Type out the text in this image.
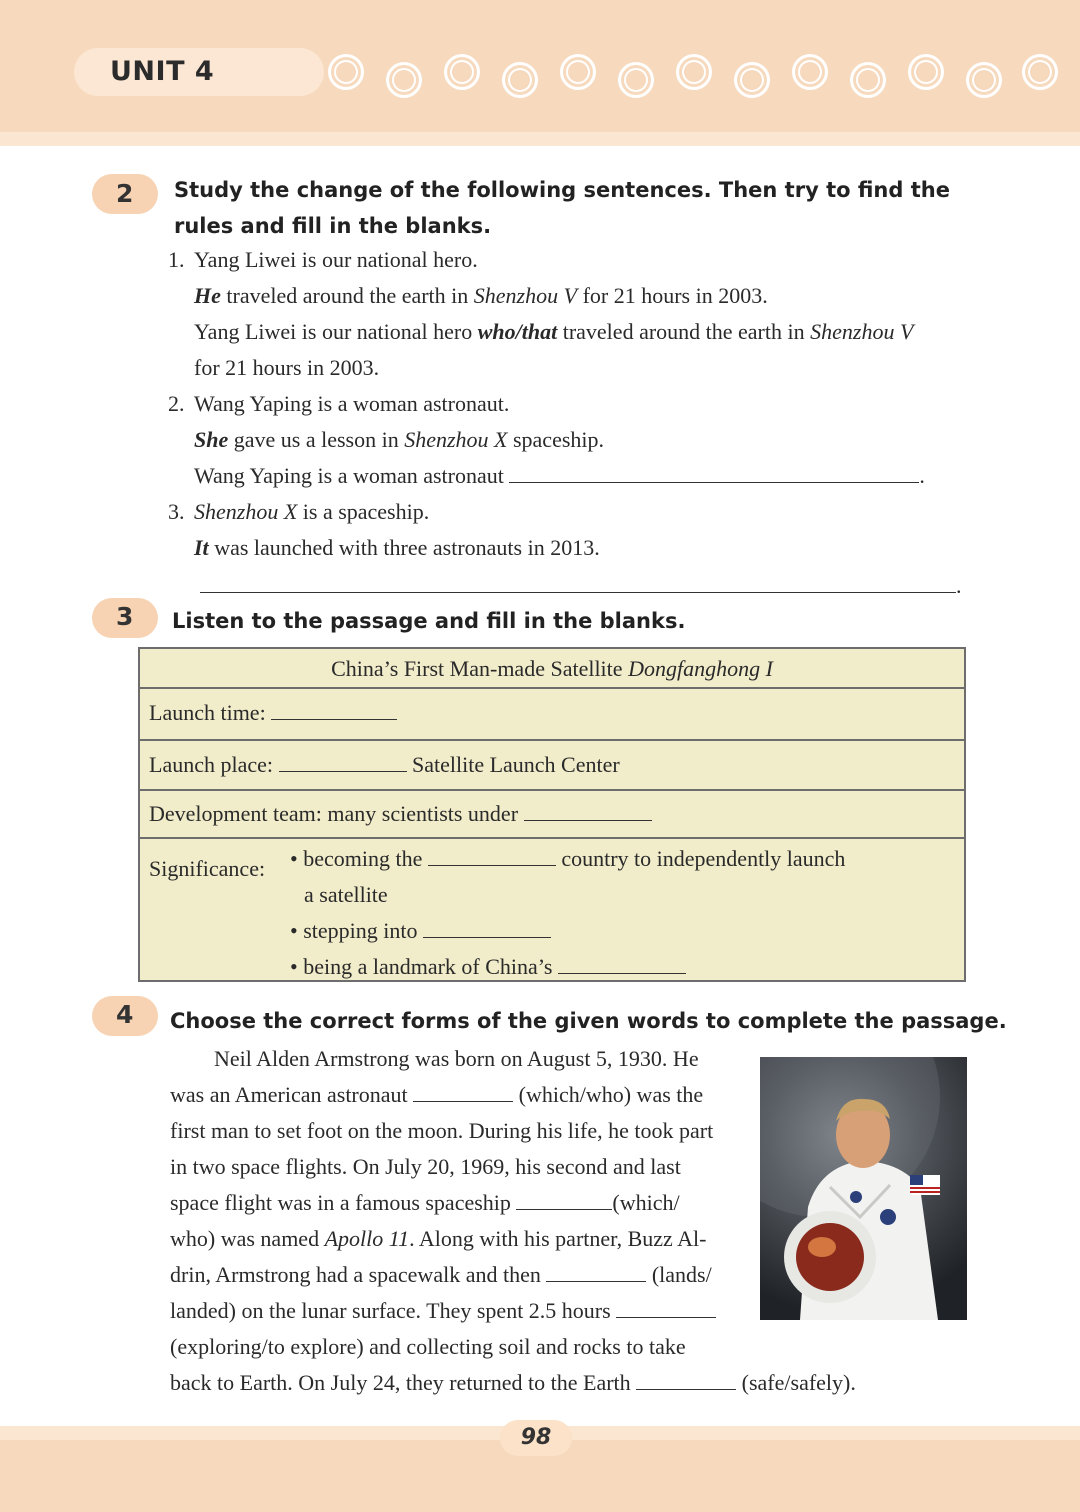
UNIT 4
2 Study the change of the following sentences. Then try to find the
rules and fill in the blanks.
1. Yang Liwei is our national hero.
He traveled around the earth in Shenzhou V for 21 hours in 2003.
Yang Liwei is our national hero who/that traveled around the earth in Shenzhou V
for 21 hours in 2003.
2. Wang Yaping is a woman astronaut.
She gave us a lesson in Shenzhou X spaceship.
Wang Yaping is a woman astronaut	.
3. Shenzhou X is a spaceship.
It was launched with three astronauts in 2013.
.
3 Listen to the passage and fill in the blanks.
China’s First Man-made Satellite Dongfanghong I
Launch time:
Launch place:	Satellite Launch Center
Development team: many scientists under
Significance: • becoming the	country to independently launch
a satellite
• stepping into
• being a landmark of China’s
4 Choose the correct forms of the given words to complete the passage.
Neil Alden Armstrong was born on August 5, 1930. He
was an American astronaut	(which/who) was the
first man to set foot on the moon. During his life, he took part
in two space flights. On July 20, 1969, his second and last
space flight was in a famous spaceship	(which/
who) was named Apollo 11. Along with his partner, Buzz Al-
drin, Armstrong had a spacewalk and then	(lands/
landed) on the lunar surface. They spent 2.5 hours
(exploring/to explore) and collecting soil and rocks to take
back to Earth. On July 24, they returned to the Earth	(safe/safely).
98
